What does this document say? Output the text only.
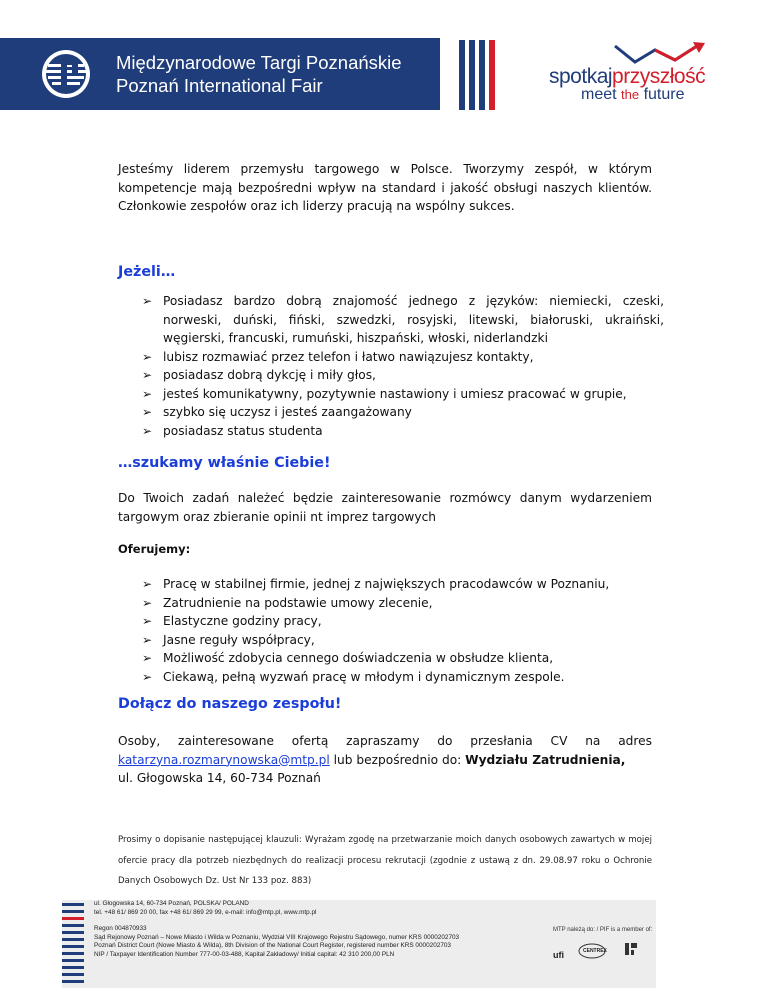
Międzynarodowe Targi Poznańskie
Poznań International Fair	spotkajprzyszłość
meet the future
Jesteśmy liderem przemysłu targowego w Polsce. Tworzymy zespół, w którym kompetencje mają bezpośredni wpływ na standard i jakość obsługi naszych klientów. Członkowie zespołów oraz ich liderzy pracują na wspólny sukces.
Jeżeli…
➢ Posiadasz bardzo dobrą znajomość jednego z języków: niemiecki, czeski, norweski, duński, fiński, szwedzki, rosyjski, litewski, białoruski, ukraiński, węgierski, francuski, rumuński, hiszpański, włoski, niderlandzki
➢ lubisz rozmawiać przez telefon i łatwo nawiązujesz kontakty,
➢ posiadasz dobrą dykcję i miły głos,
➢ jesteś komunikatywny, pozytywnie nastawiony i umiesz pracować w grupie,
➢ szybko się uczysz i jesteś zaangażowany
➢ posiadasz status studenta
…szukamy właśnie Ciebie!
Do Twoich zadań należeć będzie zainteresowanie rozmówcy danym wydarzeniem targowym oraz zbieranie opinii nt imprez targowych
Oferujemy:
➢ Pracę w stabilnej firmie, jednej z największych pracodawców w Poznaniu,
➢ Zatrudnienie na podstawie umowy zlecenie,
➢ Elastyczne godziny pracy,
➢ Jasne reguły współpracy,
➢ Możliwość zdobycia cennego doświadczenia w obsłudze klienta,
➢ Ciekawą, pełną wyzwań pracę w młodym i dynamicznym zespole.
Dołącz do naszego zespołu!
Osoby, zainteresowane ofertą zapraszamy do przesłania CV na adres katarzyna.rozmarynowska@mtp.pl lub bezpośrednio do: Wydziału Zatrudnienia,
ul. Głogowska 14, 60-734 Poznań
Prosimy o dopisanie następującej klauzuli: Wyrażam zgodę na przetwarzanie moich danych osobowych zawartych w mojej ofercie pracy dla potrzeb niezbędnych do realizacji procesu rekrutacji (zgodnie z ustawą z dn. 29.08.97 roku o Ochronie Danych Osobowych Dz. Ust Nr 133 poz. 883)
ul. Głogowska 14, 60-734 Poznań, POLSKA/ POLAND
tel. +48 61/ 869 20 00, fax +48 61/ 869 29 99, e-mail: info@mtp.pl, www.mtp.pl
Regon 004870933
Sąd Rejonowy Poznań – Nowe Miasto i Wilda w Poznaniu, Wydział VIII Krajowego Rejestru Sądowego, numer KRS 0000202703
Poznań District Court (Nowe Miasto & Wilda), 8th Division of the National Court Register, registered number KRS 0000202703
NIP / Taxpayer Identification Number 777-00-03-488, Kapitał Zakładowy/ Initial capital: 42 310 200,00 PLN
MTP należą do: / PIF is a member of:
ufi	CENTREX
